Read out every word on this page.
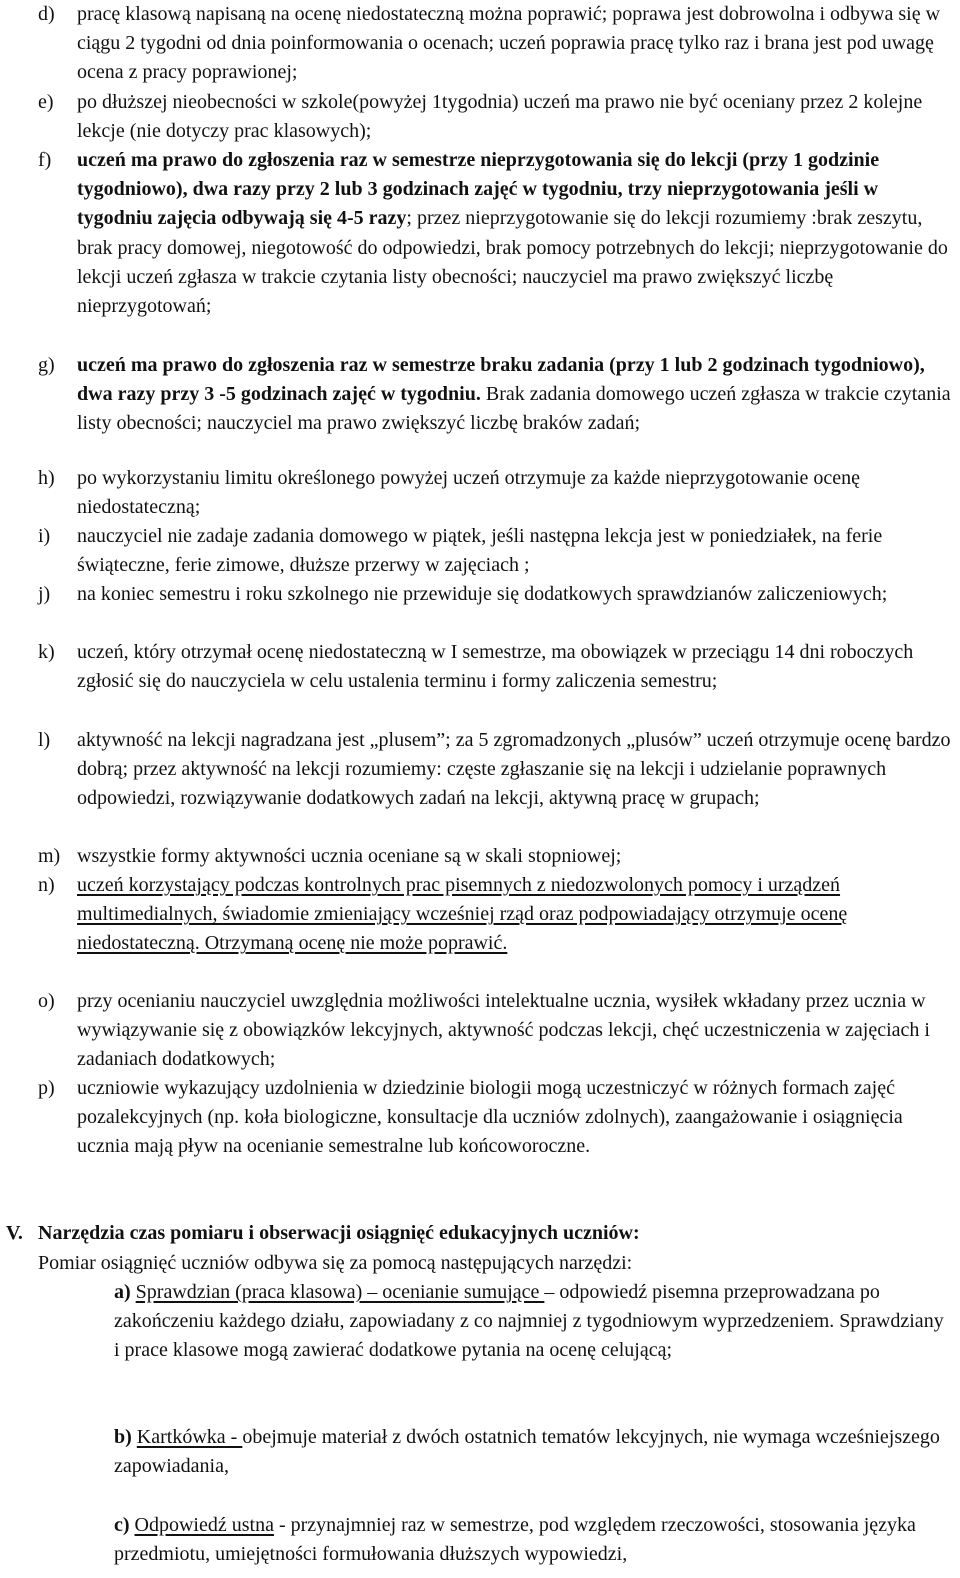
d) pracę klasową napisaną na ocenę niedostateczną można poprawić; poprawa jest dobrowolna i odbywa się w ciągu 2 tygodni od dnia poinformowania o ocenach; uczeń poprawia pracę tylko raz i brana jest pod uwagę ocena z pracy poprawionej;
e) po dłuższej nieobecności w szkole(powyżej 1tygodnia) uczeń ma prawo nie być oceniany przez 2 kolejne lekcje (nie dotyczy prac klasowych);
f) uczeń ma prawo do zgłoszenia raz w semestrze nieprzygotowania się do lekcji (przy 1 godzinie tygodniowo), dwa razy przy 2 lub 3 godzinach zajęć w tygodniu, trzy nieprzygotowania jeśli w tygodniu zajęcia odbywają się 4-5 razy; przez nieprzygotowanie się do lekcji rozumiemy :brak zeszytu, brak pracy domowej, niegotowość do odpowiedzi, brak pomocy potrzebnych do lekcji; nieprzygotowanie do lekcji uczeń zgłasza w trakcie czytania listy obecności; nauczyciel ma prawo zwiększyć liczbę nieprzygotowań;
g) uczeń ma prawo do zgłoszenia raz w semestrze braku zadania (przy 1 lub 2 godzinach tygodniowo), dwa razy przy 3 -5 godzinach zajęć w tygodniu. Brak zadania domowego uczeń zgłasza w trakcie czytania listy obecności; nauczyciel ma prawo zwiększyć liczbę braków zadań;
h) po wykorzystaniu limitu określonego powyżej uczeń otrzymuje za każde nieprzygotowanie ocenę niedostateczną;
i) nauczyciel nie zadaje zadania domowego w piątek, jeśli następna lekcja jest w poniedziałek, na ferie świąteczne, ferie zimowe, dłuższe przerwy w zajęciach ;
j) na koniec semestru i roku szkolnego nie przewiduje się dodatkowych sprawdzianów zaliczeniowych;
k) uczeń, który otrzymał ocenę niedostateczną w I semestrze, ma obowiązek w przeciągu 14 dni roboczych zgłosić się do nauczyciela w celu ustalenia terminu i formy zaliczenia semestru;
l) aktywność na lekcji nagradzana jest „plusem”; za 5 zgromadzonych „plusów” uczeń otrzymuje ocenę bardzo dobrą; przez aktywność na lekcji rozumiemy: częste zgłaszanie się na lekcji i udzielanie poprawnych odpowiedzi, rozwiązywanie dodatkowych zadań na lekcji, aktywną pracę w grupach;
m) wszystkie formy aktywności ucznia oceniane są w skali stopniowej;
n) uczeń korzystający podczas kontrolnych prac pisemnych z niedozwolonych pomocy i urządzeń multimedialnych, świadomie zmieniający wcześniej rząd oraz podpowiadający otrzymuje ocenę niedostateczną. Otrzymaną ocenę nie może poprawić.
o) przy ocenianiu nauczyciel uwzględnia możliwości intelektualne ucznia, wysiłek wkładany przez ucznia w wywiązywanie się z obowiązków lekcyjnych, aktywność podczas lekcji, chęć uczestniczenia w zajęciach i zadaniach dodatkowych;
p) uczniowie wykazujący uzdolnienia w dziedzinie biologii mogą uczestniczyć w różnych formach zajęć pozalekcyjnych (np. koła biologiczne, konsultacje dla uczniów zdolnych), zaangażowanie i osiągnięcia ucznia mają pływ na ocenianie semestralne lub końcoworoczne.
V. Narzędzia czas pomiaru i obserwacji osiągnięć edukacyjnych uczniów:
Pomiar osiągnięć uczniów odbywa się za pomocą następujących narzędzi:
a) Sprawdzian (praca klasowa) – ocenianie sumujące – odpowiedź pisemna przeprowadzana po zakończeniu każdego działu, zapowiadany z co najmniej z tygodniowym wyprzedzeniem. Sprawdziany i prace klasowe mogą zawierać dodatkowe pytania na ocenę celującą;
b) Kartkówka - obejmuje materiał z dwóch ostatnich tematów lekcyjnych, nie wymaga wcześniejszego zapowiadania,
c) Odpowiedź ustna - przynajmniej raz w semestrze, pod względem rzeczowości, stosowania języka przedmiotu, umiejętności formułowania dłuższych wypowiedzi,
